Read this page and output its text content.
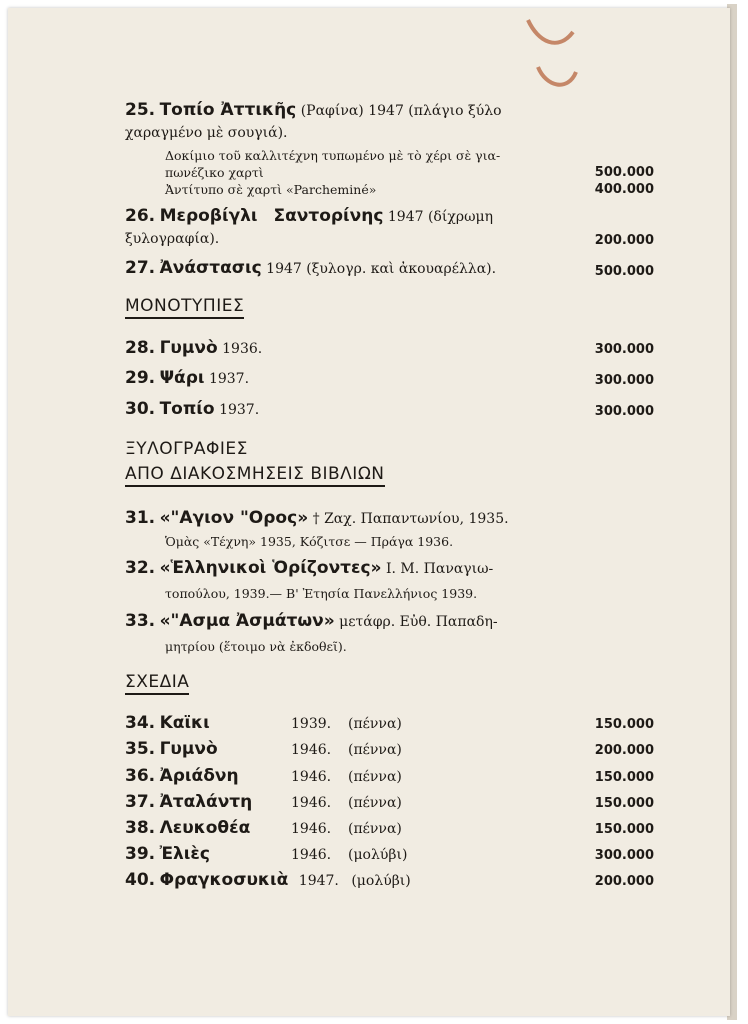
25. Τοπίο Ἀττικῆς (Ραφίνα) 1947 (πλάγιο ξύλο
χαραγμένο μὲ σουγιά).
Δοκίμιο τοῦ καλλιτέχνη τυπωμένο μὲ τὸ χέρι σὲ για-
πωνέζικο χαρτὶ	500.000
Ἀντίτυπο σὲ χαρτὶ «Parcheminé»	400.000
26. Μεροβίγλι Σαντορίνης 1947 (δίχρωμη
ξυλογραφία).	200.000
27. Ἀνάστασις 1947 (ξυλογρ. καὶ ἀκουαρέλλα).	500.000
ΜΟΝΟΤΥΠΙΕΣ
28. Γυμνὸ 1936.	300.000
29. Ψάρι 1937.	300.000
30. Τοπίο 1937.	300.000
ΞΥΛΟΓΡΑΦΙΕΣ
ΑΠΟ ΔΙΑΚΟΣΜΗΣΕΙΣ ΒΙΒΛΙΩΝ
31. «"Αγιον "Ορος» † Ζαχ. Παπαντωνίου, 1935.
Ὁμὰς «Τέχνη» 1935, Κόζιτσε — Πράγα 1936.
32. «Ἑλληνικοὶ Ὁρίζοντες» Ι. Μ. Παναγιω-
τοπούλου, 1939.— Β' Ἐτησία Πανελλήνιος 1939.
33. «"Ασμα Ἀσμάτων» μετάφρ. Εὐθ. Παπαδη-
μητρίου (ἕτοιμο νὰ ἐκδοθεῖ).
ΣΧΕΔΙΑ
34. Καϊκι	1939. (πέννα)	150.000
35. Γυμνὸ	1946. (πέννα)	200.000
36. Ἀριάδνη	1946. (πέννα)	150.000
37. Ἀταλάντη	1946. (πέννα)	150.000
38. Λευκοθέα	1946. (πέννα)	150.000
39. Ἐλιὲς	1946. (μολύβι)	300.000
40. Φραγκοσυκιὰ 1947. (μολύβι)	200.000
